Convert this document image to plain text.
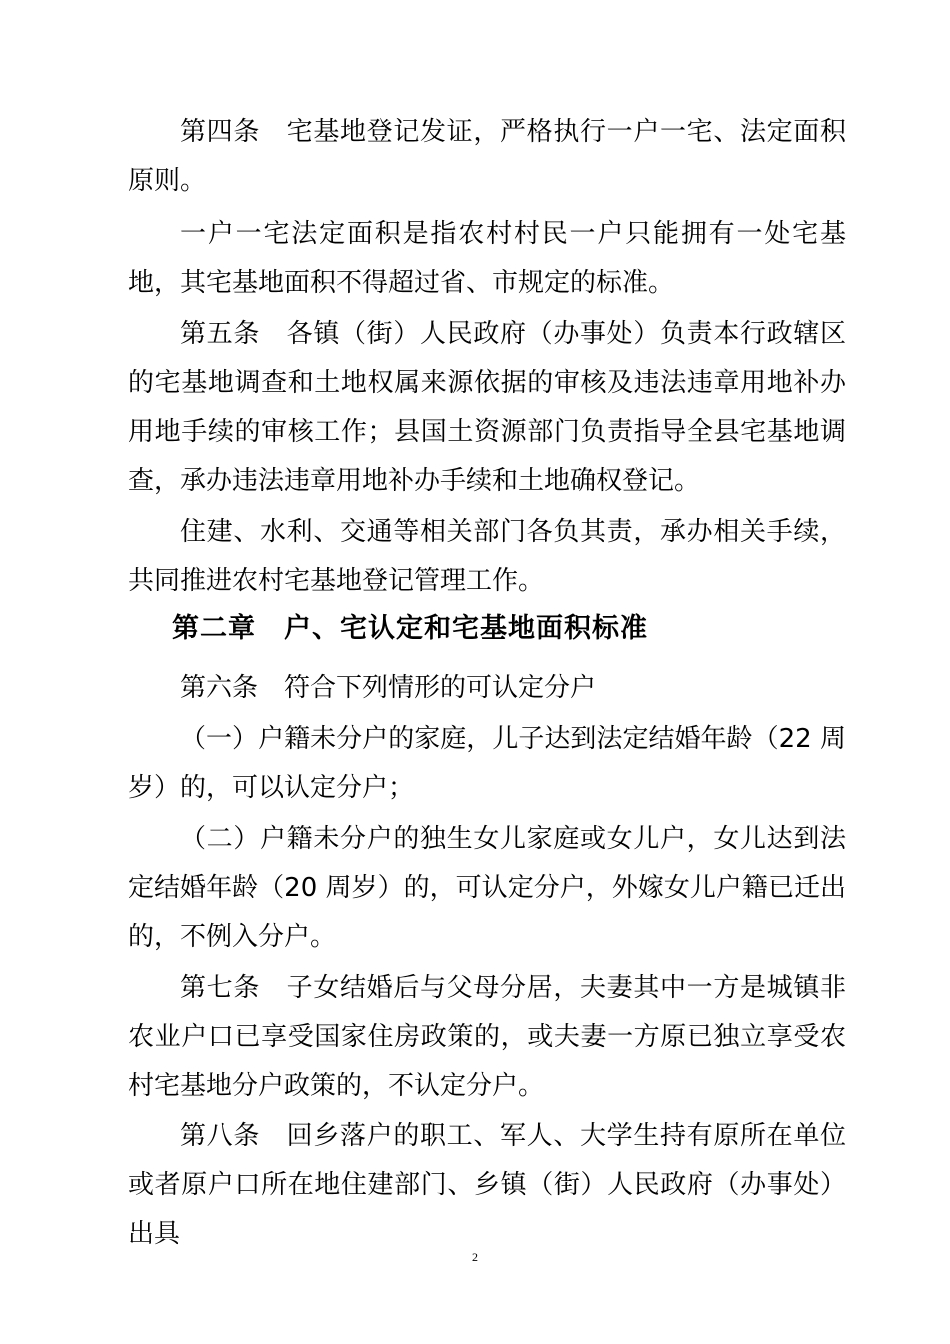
第四条　宅基地登记发证，严格执行一户一宅、法定面积原则。

一户一宅法定面积是指农村村民一户只能拥有一处宅基地，其宅基地面积不得超过省、市规定的标准。

第五条　各镇（街）人民政府（办事处）负责本行政辖区的宅基地调查和土地权属来源依据的审核及违法违章用地补办用地手续的审核工作；县国土资源部门负责指导全县宅基地调查，承办违法违章用地补办手续和土地确权登记。

住建、水利、交通等相关部门各负其责，承办相关手续，共同推进农村宅基地登记管理工作。

第二章　户、宅认定和宅基地面积标准

第六条　符合下列情形的可认定分户

（一）户籍未分户的家庭，儿子达到法定结婚年龄（22 周岁）的，可以认定分户；

（二）户籍未分户的独生女儿家庭或女儿户，女儿达到法定结婚年龄（20 周岁）的，可认定分户，外嫁女儿户籍已迁出的，不例入分户。

第七条　子女结婚后与父母分居，夫妻其中一方是城镇非农业户口已享受国家住房政策的，或夫妻一方原已独立享受农村宅基地分户政策的，不认定分户。

第八条　回乡落户的职工、军人、大学生持有原所在单位或者原户口所在地住建部门、乡镇（街）人民政府（办事处）出具

2
